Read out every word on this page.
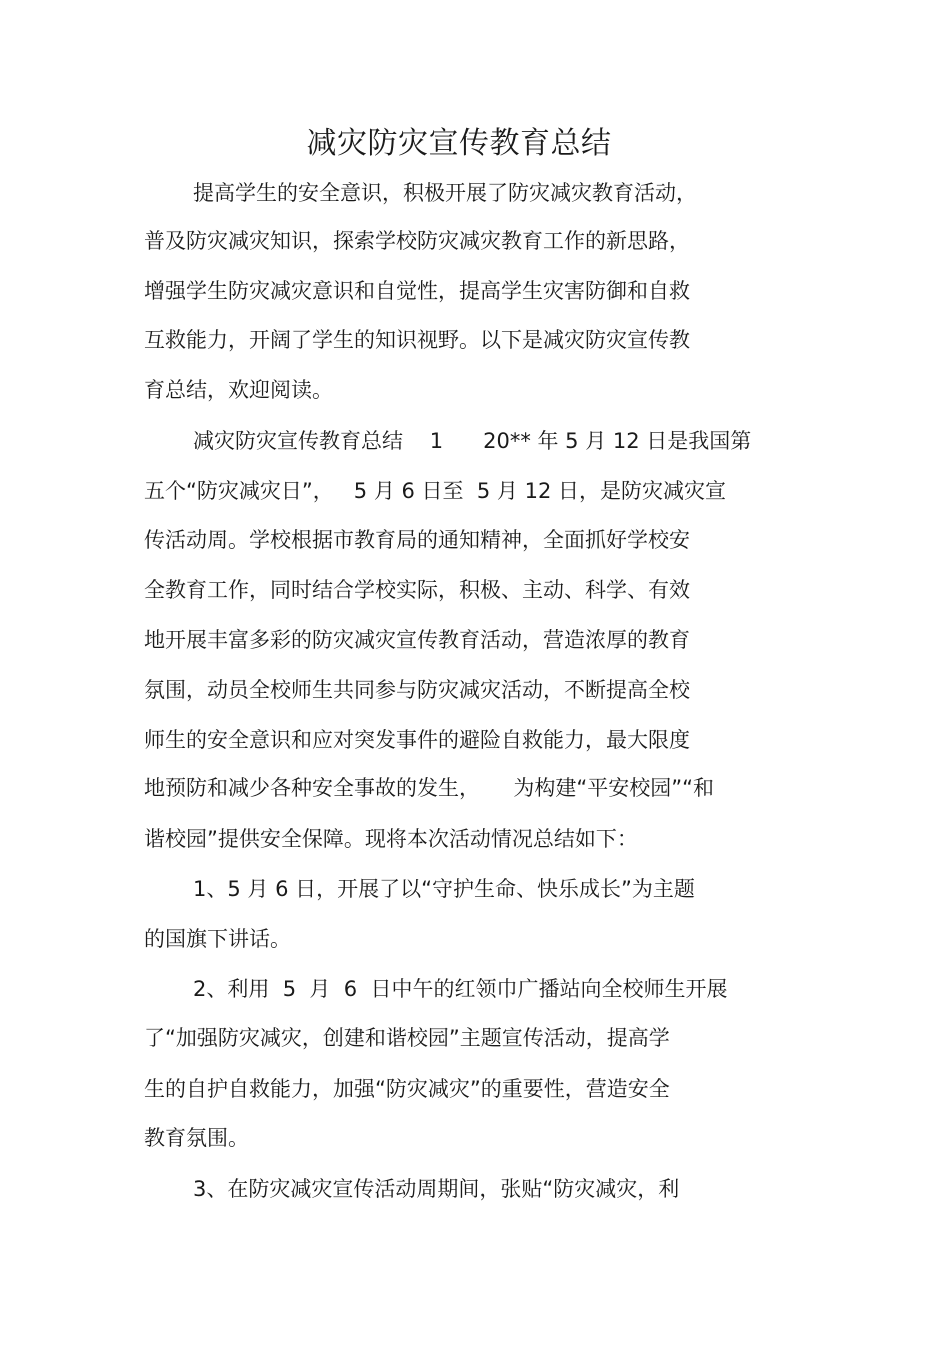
减灾防灾宣传教育总结

提高学生的安全意识，积极开展了防灾减灾教育活动，

普及防灾减灾知识，探索学校防灾减灾教育工作的新思路，

增强学生防灾减灾意识和自觉性，提高学生灾害防御和自救

互救能力，开阔了学生的知识视野。以下是减灾防灾宣传教

育总结，欢迎阅读。

减灾防灾宣传教育总结    1      20** 年 5 月 12 日是我国第

五个“防灾减灾日”，   5 月 6 日至  5 月 12 日，是防灾减灾宣

传活动周。学校根据市教育局的通知精神，全面抓好学校安

全教育工作，同时结合学校实际，积极、主动、科学、有效

地开展丰富多彩的防灾减灾宣传教育活动，营造浓厚的教育

氛围，动员全校师生共同参与防灾减灾活动，不断提高全校

师生的安全意识和应对突发事件的避险自救能力，最大限度

地预防和减少各种安全事故的发生，     为构建“平安校园”“和

谐校园”提供安全保障。现将本次活动情况总结如下：

1、5 月 6 日，开展了以“守护生命、快乐成长”为主题

的国旗下讲话。

2、利用  5  月  6  日中午的红领巾广播站向全校师生开展

了“加强防灾减灾，创建和谐校园”主题宣传活动，提高学

生的自护自救能力，加强“防灾减灾”的重要性，营造安全

教育氛围。

3、在防灾减灾宣传活动周期间，张贴“防灾减灾，利
